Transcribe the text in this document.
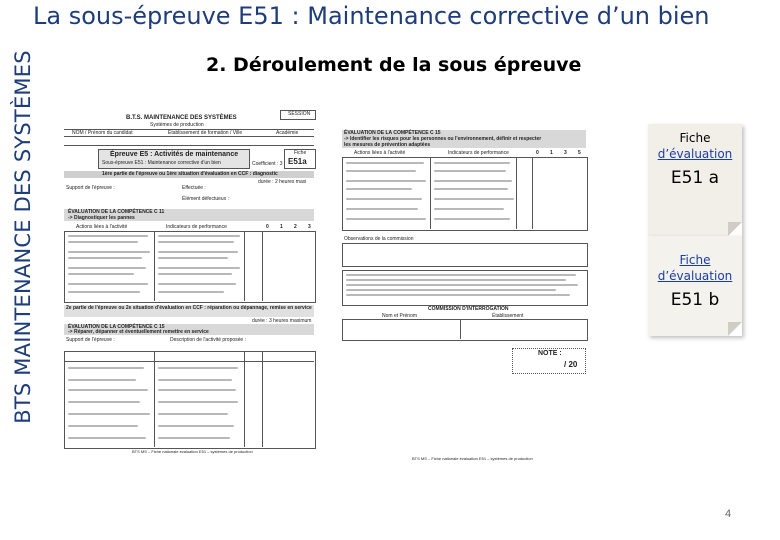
BTS MAINTENANCE DES SYSTÈMES
La sous-épreuve E51 : Maintenance corrective d’un bien
2. Déroulement de la sous épreuve
SESSION
B.T.S. MAINTENANCE DES SYSTÈMES
Systèmes de production
NOM / Prénom du candidat	Etablissement de formation / Ville	Académie
Épreuve E5 : Activités de maintenance
Sous-épreuve E51 : Maintenance corrective d'un bien	Coefficient : 3
Fiche
E51a
1ère partie de l'épreuve ou 1ère situation d'évaluation en CCF : diagnostic
durée : 2 heures maxi
Support de l'épreuve :	Effectuée :
Élément défectueux :
ÉVALUATION DE LA COMPÉTENCE C 11
-> Diagnostiquer les pannes
Actions liées à l'activité	Indicateurs de performance	0 1 2 3
2e partie de l'épreuve ou 2e situation d'évaluation en CCF : réparation ou dépannage, remise en service
durée : 3 heures maximum
ÉVALUATION DE LA COMPÉTENCE C 15
-> Réparer, dépanner et éventuellement remettre en service
Support de l'épreuve :	Description de l'activité proposée :
BTS MS – Fiche nationale évaluation E51 – systèmes de production
ÉVALUATION DE LA COMPÉTENCE C 15
-> Identifier les risques pour les personnes ou l'environnement, définir et respecter les mesures de prévention adaptées
Actions liées à l'activité	Indicateurs de performance	0 1 3 5
Observations de la commission
COMMISSION D'INTERROGATION
Nom et Prénom	Établissement
NOTE :
/ 20
BTS MS – Fiche nationale évaluation E51 – systèmes de production
Fiche
d’évaluation
E51 a
Fiche
d’évaluation
E51 b
4
